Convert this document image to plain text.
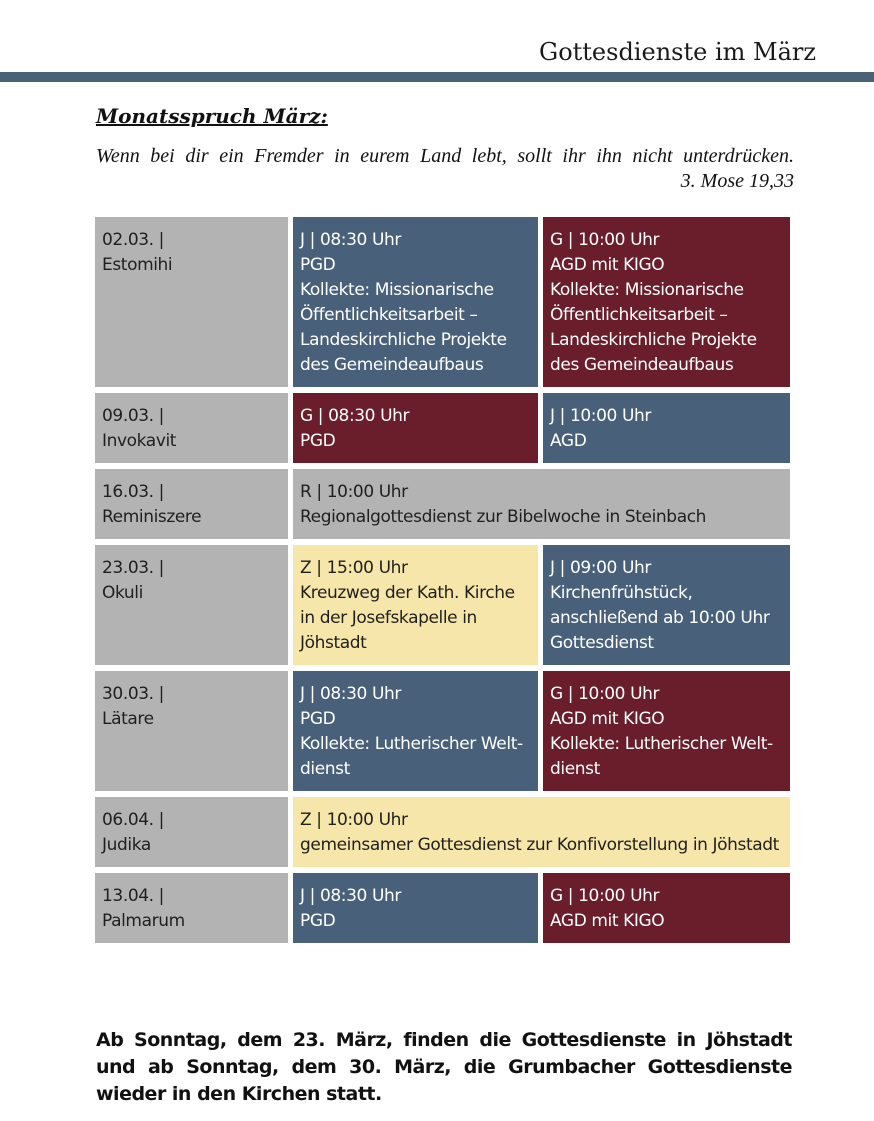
Gottesdienste im März
Monatsspruch März:
Wenn bei dir ein Fremder in eurem Land lebt, sollt ihr ihn nicht unterdrücken.
3. Mose 19,33
02.03. |
Estomihi
J | 08:30 Uhr
PGD
Kollekte: Missionarische
Öffentlichkeitsarbeit –
Landeskirchliche Projekte
des Gemeindeaufbaus
G | 10:00 Uhr
AGD mit KIGO
Kollekte: Missionarische
Öffentlichkeitsarbeit –
Landeskirchliche Projekte
des Gemeindeaufbaus
09.03. |
Invokavit
G | 08:30 Uhr
PGD
J | 10:00 Uhr
AGD
16.03. |
Reminiszere
R | 10:00 Uhr
Regionalgottesdienst zur Bibelwoche in Steinbach
23.03. |
Okuli
Z | 15:00 Uhr
Kreuzweg der Kath. Kirche
in der Josefskapelle in
Jöhstadt
J | 09:00 Uhr
Kirchenfrühstück,
anschließend ab 10:00 Uhr
Gottesdienst
30.03. |
Lätare
J | 08:30 Uhr
PGD
Kollekte: Lutherischer Welt-
dienst
G | 10:00 Uhr
AGD mit KIGO
Kollekte: Lutherischer Welt-
dienst
06.04. |
Judika
Z | 10:00 Uhr
gemeinsamer Gottesdienst zur Konfivorstellung in Jöhstadt
13.04. |
Palmarum
J | 08:30 Uhr
PGD
G | 10:00 Uhr
AGD mit KIGO
Ab Sonntag, dem 23. März, finden die Gottesdienste in Jöhstadt und ab Sonntag, dem 30. März, die Grumbacher Gottesdienste wieder in den Kirchen statt.
